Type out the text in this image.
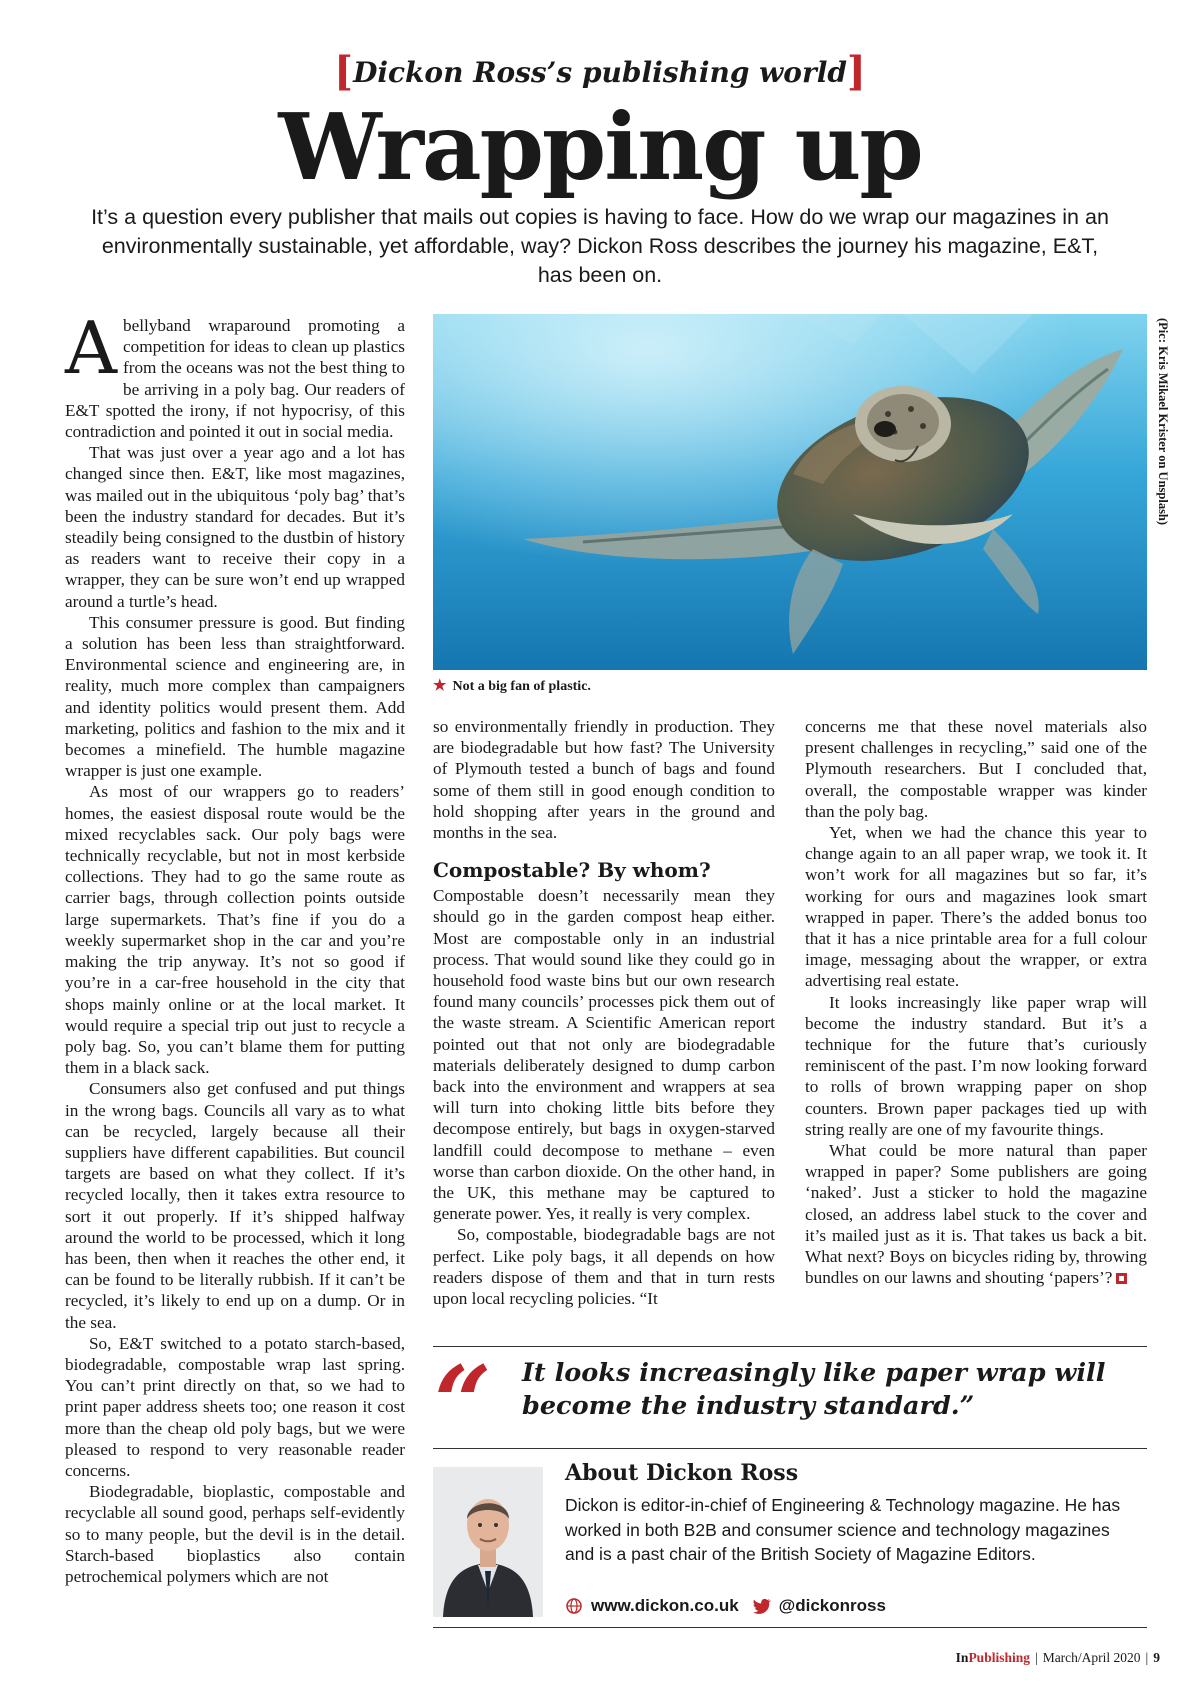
[Dickon Ross’s publishing world]
Wrapping up
It’s a question every publisher that mails out copies is having to face. How do we wrap our magazines in an environmentally sustainable, yet affordable, way? Dickon Ross describes the journey his magazine, E&T, has been on.

Abellyband wraparound promoting a competition for ideas to clean up plastics from the oceans was not the best thing to be arriving in a poly bag. Our readers of E&T spotted the irony, if not hypocrisy, of this contradiction and pointed it out in social media.

That was just over a year ago and a lot has changed since then. E&T, like most magazines, was mailed out in the ubiquitous ‘poly bag’ that’s been the industry standard for decades. But it’s steadily being consigned to the dustbin of history as readers want to receive their copy in a wrapper, they can be sure won’t end up wrapped around a turtle’s head.

This consumer pressure is good. But finding a solution has been less than straightforward. Environmental science and engineering are, in reality, much more complex than campaigners and identity politics would present them. Add marketing, politics and fashion to the mix and it becomes a minefield. The humble magazine wrapper is just one example.

As most of our wrappers go to readers’ homes, the easiest disposal route would be the mixed recyclables sack. Our poly bags were technically recyclable, but not in most kerbside collections. They had to go the same route as carrier bags, through collection points outside large supermarkets. That’s fine if you do a weekly supermarket shop in the car and you’re making the trip anyway. It’s not so good if you’re in a car-free household in the city that shops mainly online or at the local market. It would require a special trip out just to recycle a poly bag. So, you can’t blame them for putting them in a black sack.

Consumers also get confused and put things in the wrong bags. Councils all vary as to what can be recycled, largely because all their suppliers have different capabilities. But council targets are based on what they collect. If it’s recycled locally, then it takes extra resource to sort it out properly. If it’s shipped halfway around the world to be processed, which it long has been, then when it reaches the other end, it can be found to be literally rubbish. If it can’t be recycled, it’s likely to end up on a dump. Or in the sea.

So, E&T switched to a potato starch-based, biodegradable, compostable wrap last spring. You can’t print directly on that, so we had to print paper address sheets too; one reason it cost more than the cheap old poly bags, but we were pleased to respond to very reasonable reader concerns.

Biodegradable, bioplastic, compostable and recyclable all sound good, perhaps self-evidently so to many people, but the devil is in the detail. Starch-based bioplastics also contain petrochemical polymers which are not

(Pic: Kris Mikael Krister on Unsplash)
★ Not a big fan of plastic.

so environmentally friendly in production. They are biodegradable but how fast? The University of Plymouth tested a bunch of bags and found some of them still in good enough condition to hold shopping after years in the ground and months in the sea.

Compostable? By whom?

Compostable doesn’t necessarily mean they should go in the garden compost heap either. Most are compostable only in an industrial process. That would sound like they could go in household food waste bins but our own research found many councils’ processes pick them out of the waste stream. A Scientific American report pointed out that not only are biodegradable materials deliberately designed to dump carbon back into the environment and wrappers at sea will turn into choking little bits before they decompose entirely, but bags in oxygen-starved landfill could decompose to methane – even worse than carbon dioxide. On the other hand, in the UK, this methane may be captured to generate power. Yes, it really is very complex.

So, compostable, biodegradable bags are not perfect. Like poly bags, it all depends on how readers dispose of them and that in turn rests upon local recycling policies. “It

concerns me that these novel materials also present challenges in recycling,” said one of the Plymouth researchers. But I concluded that, overall, the compostable wrapper was kinder than the poly bag.

Yet, when we had the chance this year to change again to an all paper wrap, we took it. It won’t work for all magazines but so far, it’s working for ours and magazines look smart wrapped in paper. There’s the added bonus too that it has a nice printable area for a full colour image, messaging about the wrapper, or extra advertising real estate.

It looks increasingly like paper wrap will become the industry standard. But it’s a technique for the future that’s curiously reminiscent of the past. I’m now looking forward to rolls of brown wrapping paper on shop counters. Brown paper packages tied up with string really are one of my favourite things.

What could be more natural than paper wrapped in paper? Some publishers are going ‘naked’. Just a sticker to hold the magazine closed, an address label stuck to the cover and it’s mailed just as it is. That takes us back a bit. What next? Boys on bicycles riding by, throwing bundles on our lawns and shouting ‘papers’?

“ It looks increasingly like paper wrap will become the industry standard.”
About Dickon Ross
Dickon is editor-in-chief of Engineering & Technology magazine. He has worked in both B2B and consumer science and technology magazines and is a past chair of the British Society of Magazine Editors.
www.dickon.co.uk @dickonross
InPublishing | March/April 2020 | 9
